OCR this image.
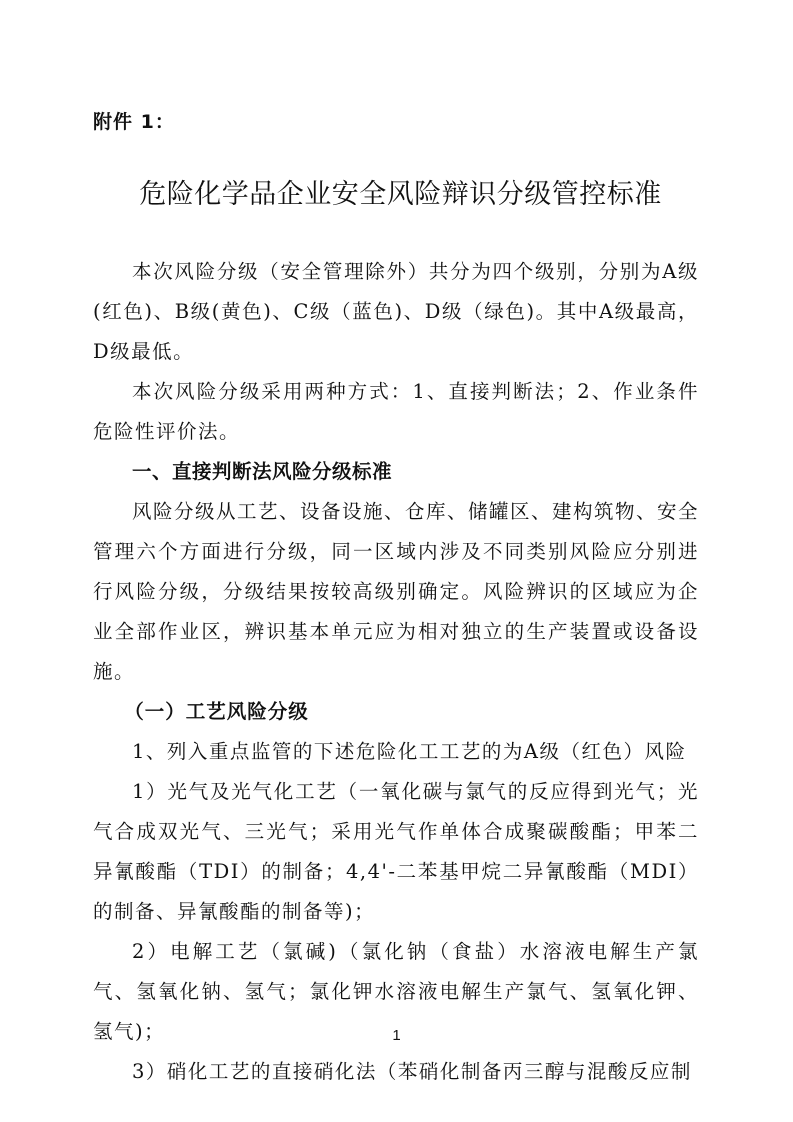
附件 1：
危险化学品企业安全风险辩识分级管控标准

本次风险分级（安全管理除外）共分为四个级别，分别为A级(红色)、B级(黄色)、C级（蓝色)、D级（绿色)。其中A级最高，D级最低。

本次风险分级采用两种方式：1、直接判断法；2、作业条件危险性评价法。

一、直接判断法风险分级标准

风险分级从工艺、设备设施、仓库、储罐区、建构筑物、安全管理六个方面进行分级，同一区域内涉及不同类别风险应分别进行风险分级，分级结果按较高级别确定。风险辨识的区域应为企业全部作业区，辨识基本单元应为相对独立的生产装置或设备设施。

（一）工艺风险分级

1、列入重点监管的下述危险化工工艺的为A级（红色）风险

1）光气及光气化工艺（一氧化碳与氯气的反应得到光气；光气合成双光气、三光气；采用光气作单体合成聚碳酸酯；甲苯二异氰酸酯（TDI）的制备；4,4'-二苯基甲烷二异氰酸酯（MDI）的制备、异氰酸酯的制备等)；

2）电解工艺（氯碱)（氯化钠（食盐）水溶液电解生产氯气、氢氧化钠、氢气；氯化钾水溶液电解生产氯气、氢氧化钾、氢气)；

3）硝化工艺的直接硝化法（苯硝化制备丙三醇与混酸反应制

1
